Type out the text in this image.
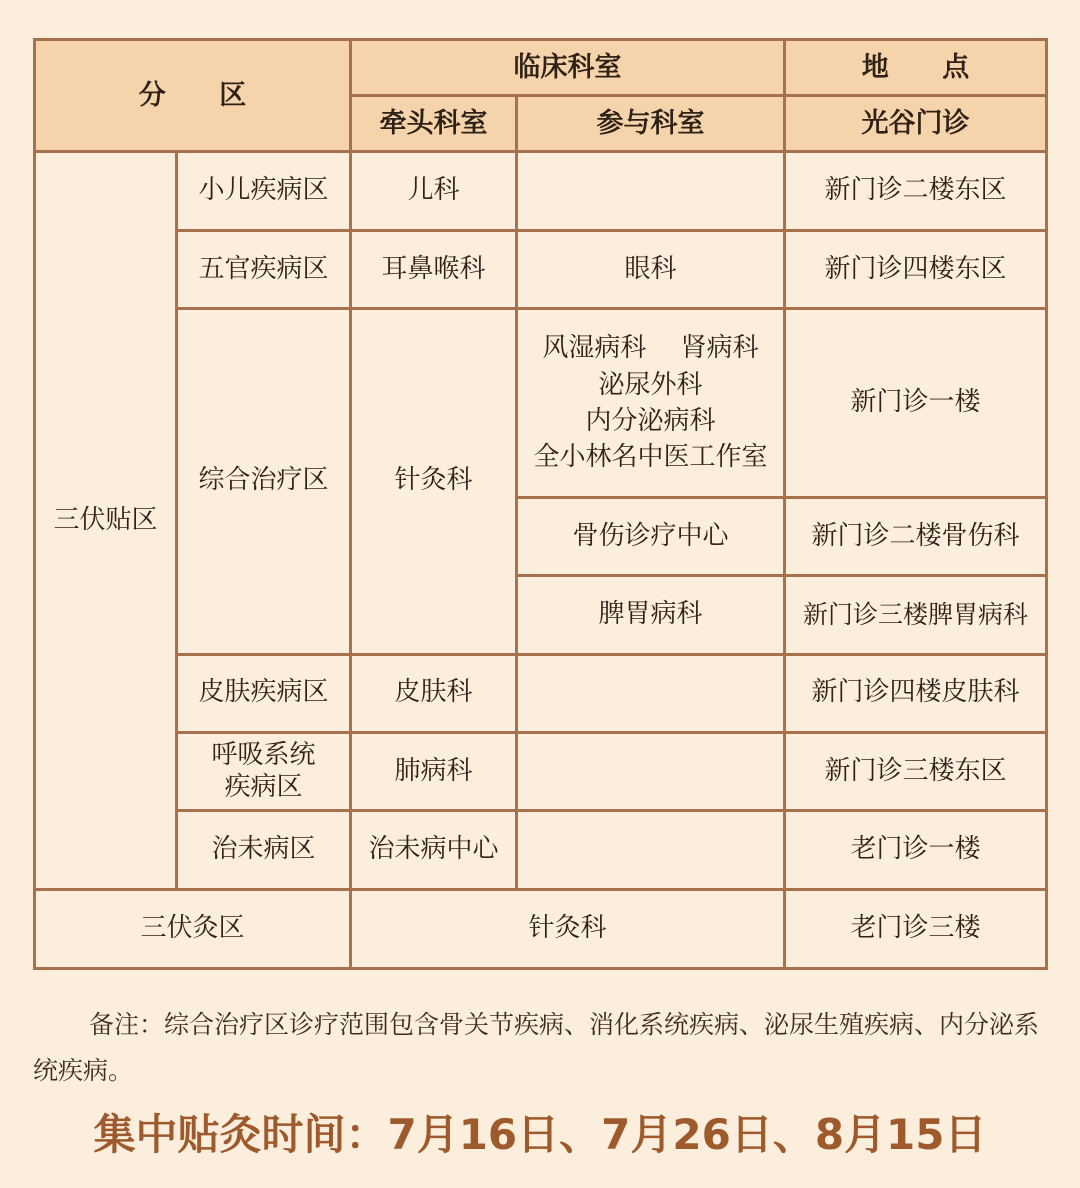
分 区		临床科室		地 点
		牵头科室	参与科室	光谷门诊
三伏贴区	小儿疾病区	儿科		新门诊二楼东区
	五官疾病区	耳鼻喉科	眼科	新门诊四楼东区
	综合治疗区	针灸科	风湿病科　 肾病科
泌尿外科
内分泌病科
全小林名中医工作室	新门诊一楼
			骨伤诊疗中心	新门诊二楼骨伤科
			脾胃病科	新门诊三楼脾胃病科
	皮肤疾病区	皮肤科		新门诊四楼皮肤科

	呼吸系统
疾病区	肺病科		新门诊三楼东区
	治未病区	治未病中心		老门诊一楼
三伏灸区		针灸科		老门诊三楼
备注：综合治疗区诊疗范围包含骨关节疾病、消化系统疾病、泌尿生殖疾病、内分泌系统疾病。
集中贴灸时间：7月16日、7月26日、8月15日
